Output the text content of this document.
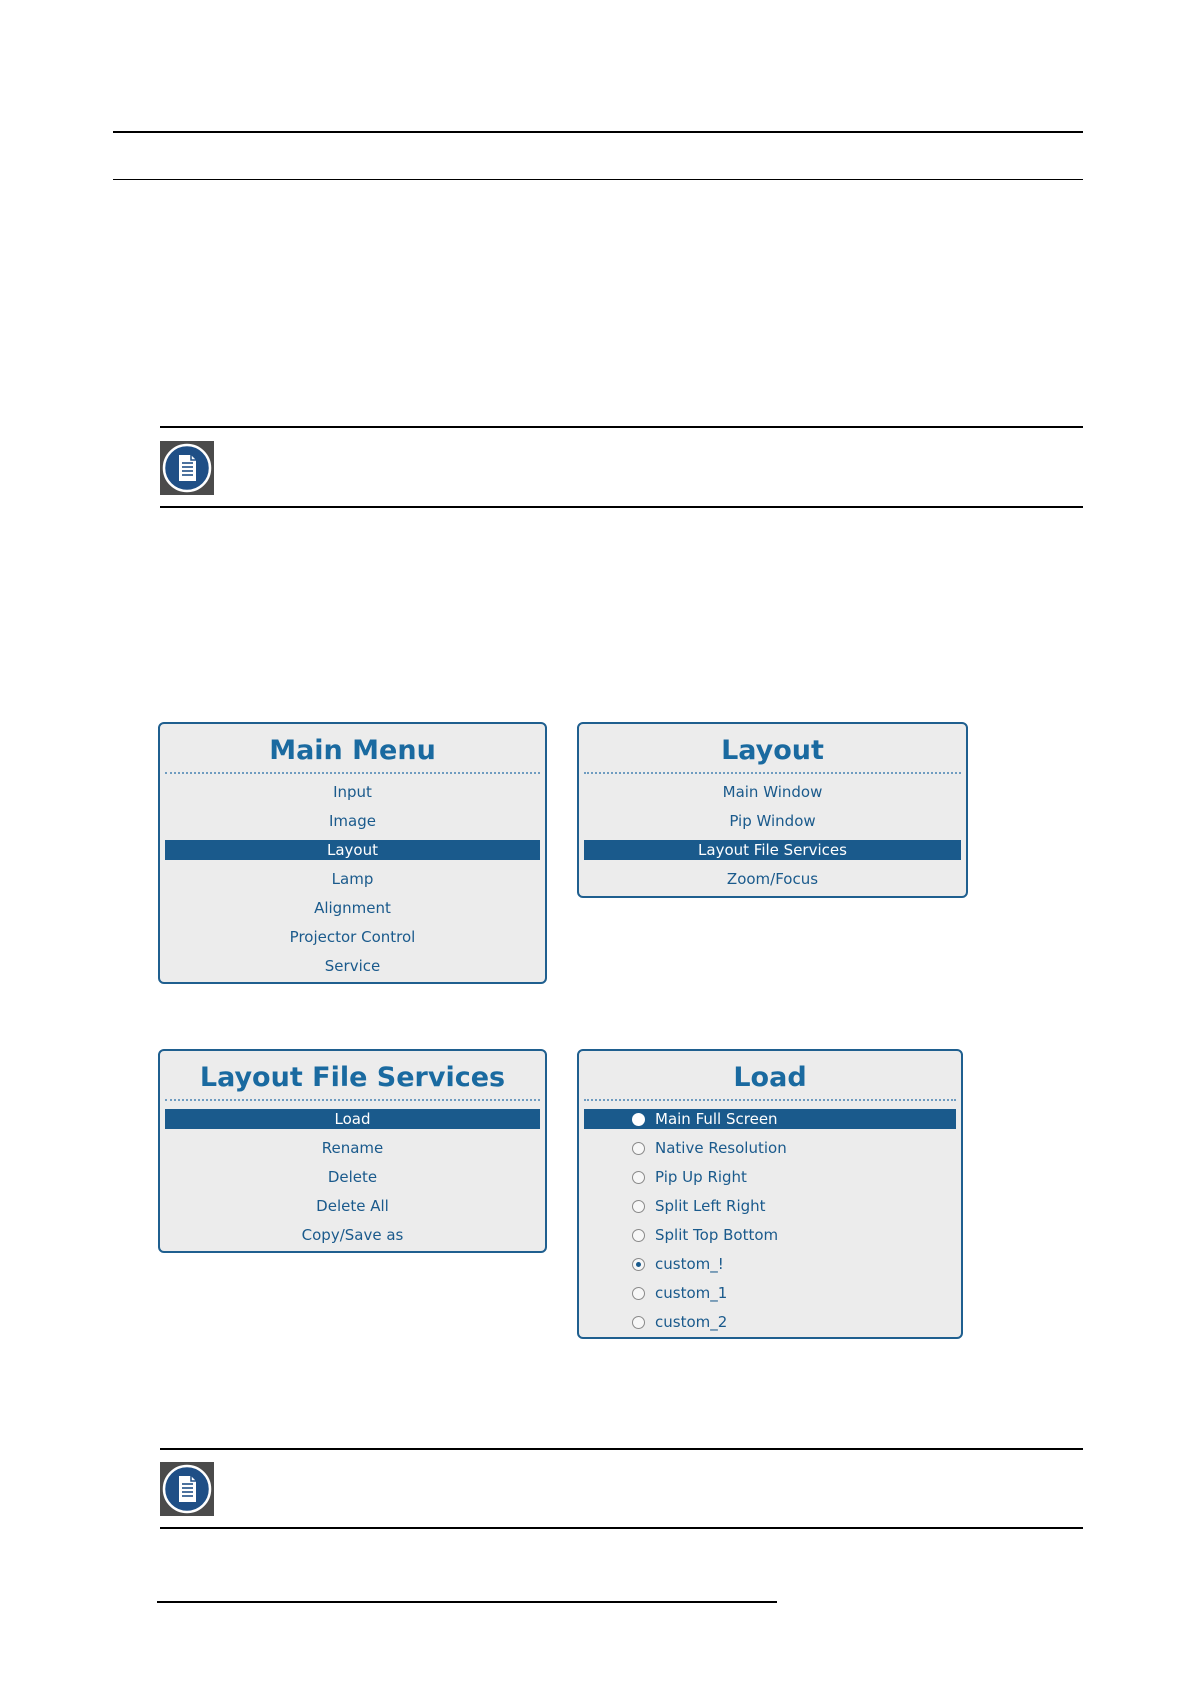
Main Menu
Input
Image
Layout
Lamp
Alignment
Projector Control
Service
Layout
Main Window
Pip Window
Layout File Services
Zoom/Focus
Layout File Services
Load
Rename
Delete
Delete All
Copy/Save as
Load
Main Full Screen
Native Resolution
Pip Up Right
Split Left Right
Split Top Bottom
custom_!
custom_1
custom_2
